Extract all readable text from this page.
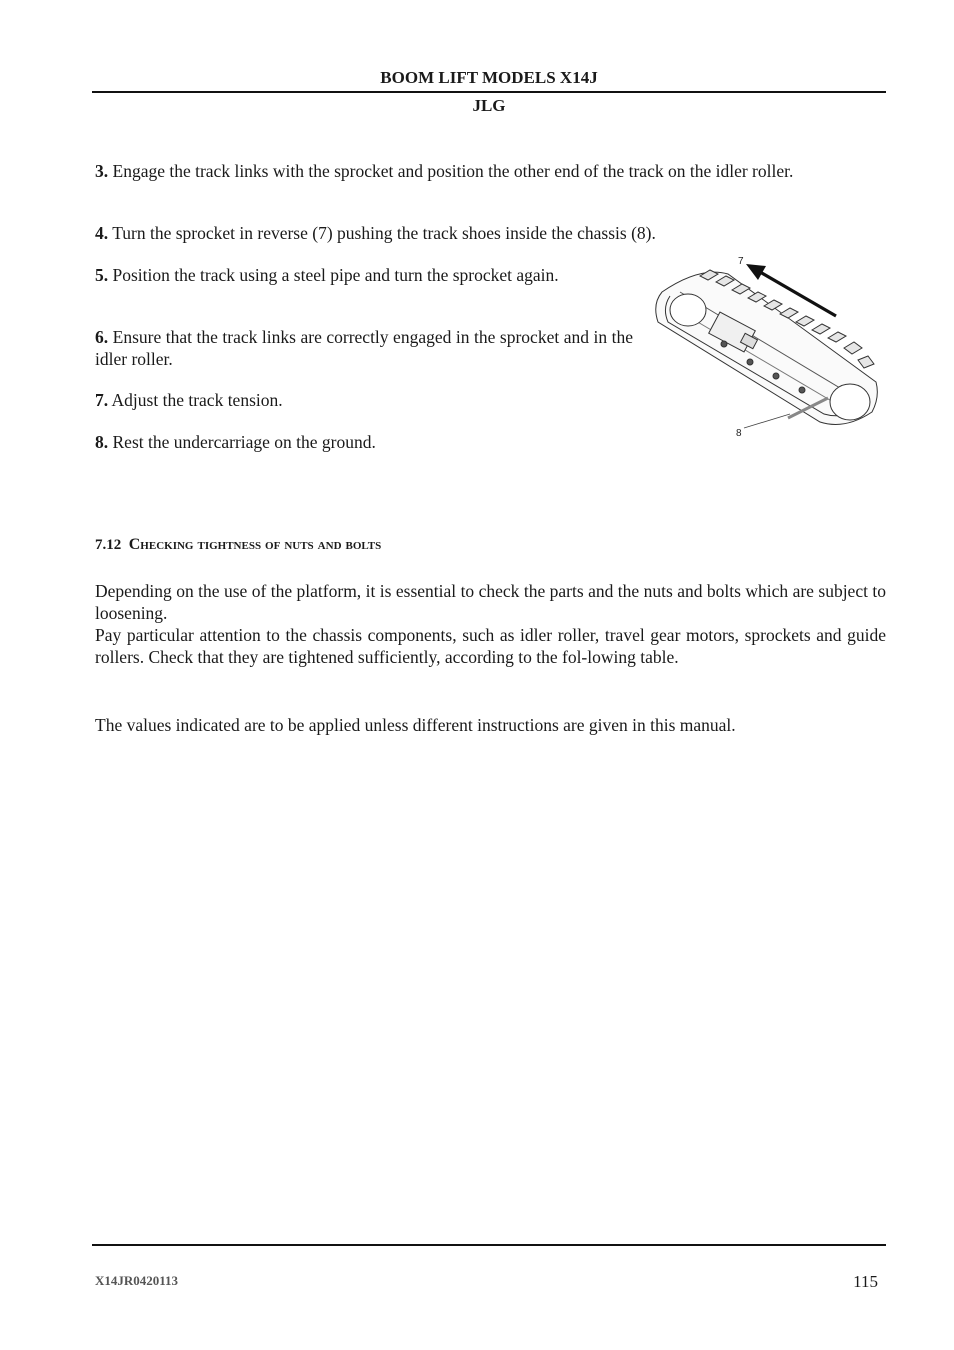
BOOM LIFT MODELS X14J
JLG
3. Engage the track links with the sprocket and position the other end of the track on the idler roller.
4. Turn the sprocket in reverse (7) pushing the track shoes inside the chassis (8).
5. Position the track using a steel pipe and turn the sprocket again.
6. Ensure that the track links are correctly engaged in the sprocket and in the idler roller.
7. Adjust the track tension.
8. Rest the undercarriage on the ground.
7
8
7.12 Checking tightness of nuts and bolts
Depending on the use of the platform, it is essential to check the parts and the nuts and bolts which are subject to loosening.
Pay particular attention to the chassis components, such as idler roller, travel gear motors, sprockets and guide rollers. Check that they are tightened sufficiently, according to the fol-lowing table.
The values indicated are to be applied unless different instructions are given in this manual.
X14JR0420113	115
